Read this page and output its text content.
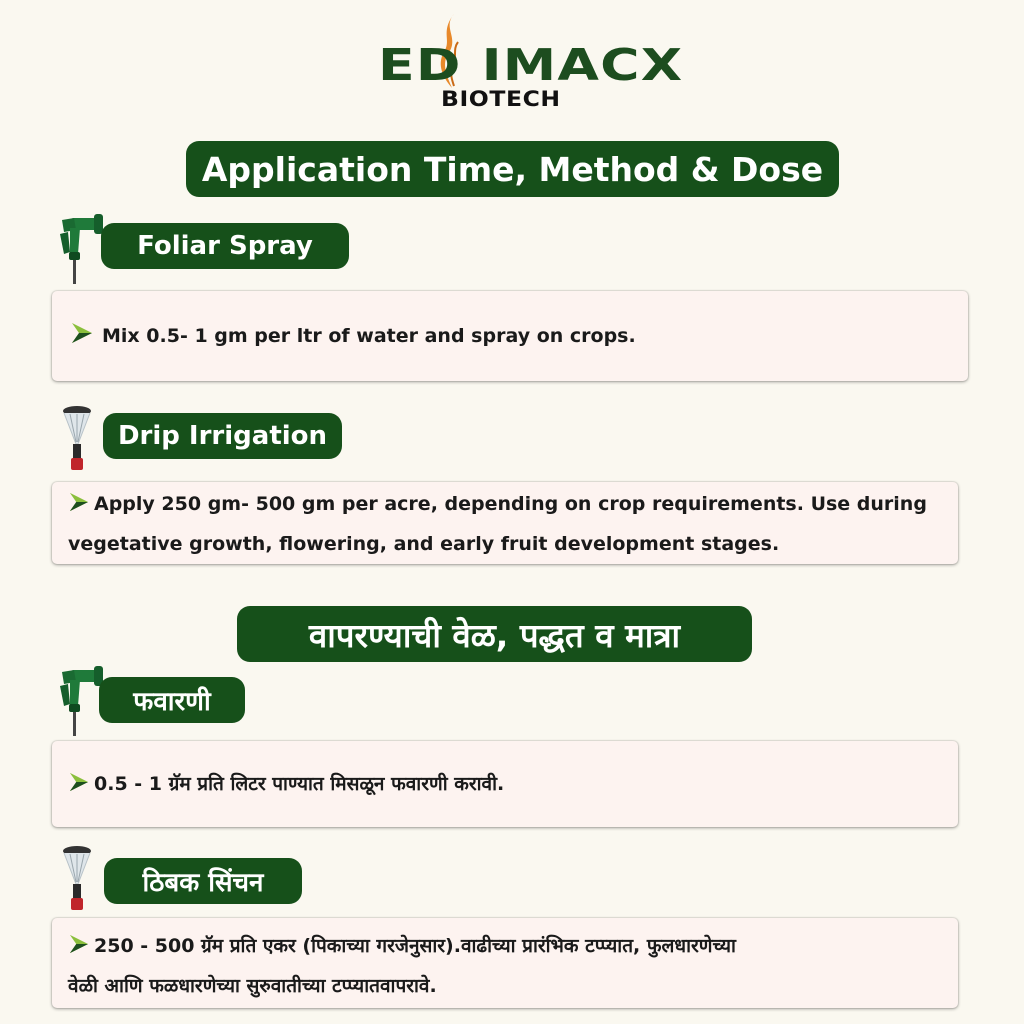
ED IMACX
BIOTECH
Application Time, Method & Dose
Foliar Spray
Mix 0.5- 1 gm per ltr of water and spray on crops.
Drip Irrigation
Apply 250 gm- 500 gm per acre, depending on crop requirements. Use during
vegetative growth, flowering, and early fruit development stages.
वापरण्याची वेळ, पद्धत व मात्रा
फवारणी
0.5 - 1 ग्रॅम प्रति लिटर पाण्यात मिसळून फवारणी करावी.
ठिबक सिंचन
250 - 500 ग्रॅम प्रति एकर (पिकाच्या गरजेनुसार).वाढीच्या प्रारंभिक टप्प्यात, फुलधारणेच्या
वेळी आणि फळधारणेच्या सुरुवातीच्या टप्प्यातवापरावे.
